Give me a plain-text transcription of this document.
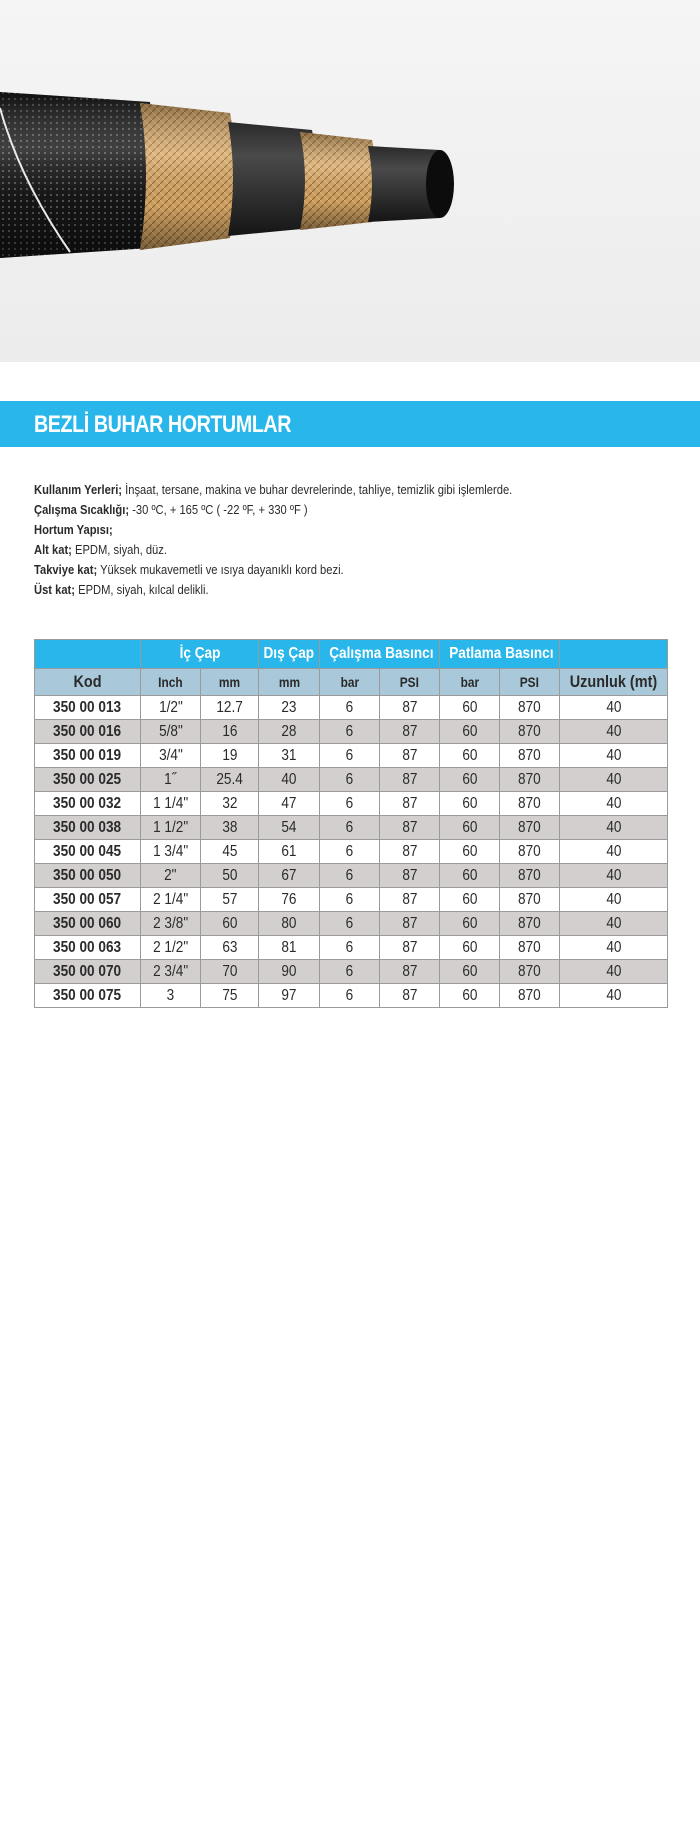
BEZLİ BUHAR HORTUMLAR
Kullanım Yerleri; İnşaat, tersane, makina ve buhar devrelerinde, tahliye, temizlik gibi işlemlerde.
Çalışma Sıcaklığı; -30 ºC, + 165 ºC ( -22 ºF, + 330 ºF )
Hortum Yapısı;
Alt kat; EPDM, siyah, düz.
Takviye kat; Yüksek mukavemetli ve ısıya dayanıklı kord bezi.
Üst kat; EPDM, siyah, kılcal delikli.
	İç Çap		Dış Çap	Çalışma Basıncı		Patlama Basıncı		
Kod	Inch	mm	mm	bar	PSI	bar	PSI	Uzunluk (mt)
350 00 013	1/2"	12.7	23	6	87	60	870	40
350 00 016	5/8"	16	28	6	87	60	870	40
350 00 019	3/4"	19	31	6	87	60	870	40
350 00 025	1˝	25.4	40	6	87	60	870	40
350 00 032	1 1/4"	32	47	6	87	60	870	40
350 00 038	1 1/2"	38	54	6	87	60	870	40
350 00 045	1 3/4"	45	61	6	87	60	870	40
350 00 050	2"	50	67	6	87	60	870	40
350 00 057	2 1/4"	57	76	6	87	60	870	40
350 00 060	2 3/8"	60	80	6	87	60	870	40
350 00 063	2 1/2"	63	81	6	87	60	870	40
350 00 070	2 3/4"	70	90	6	87	60	870	40
350 00 075	3	75	97	6	87	60	870	40
